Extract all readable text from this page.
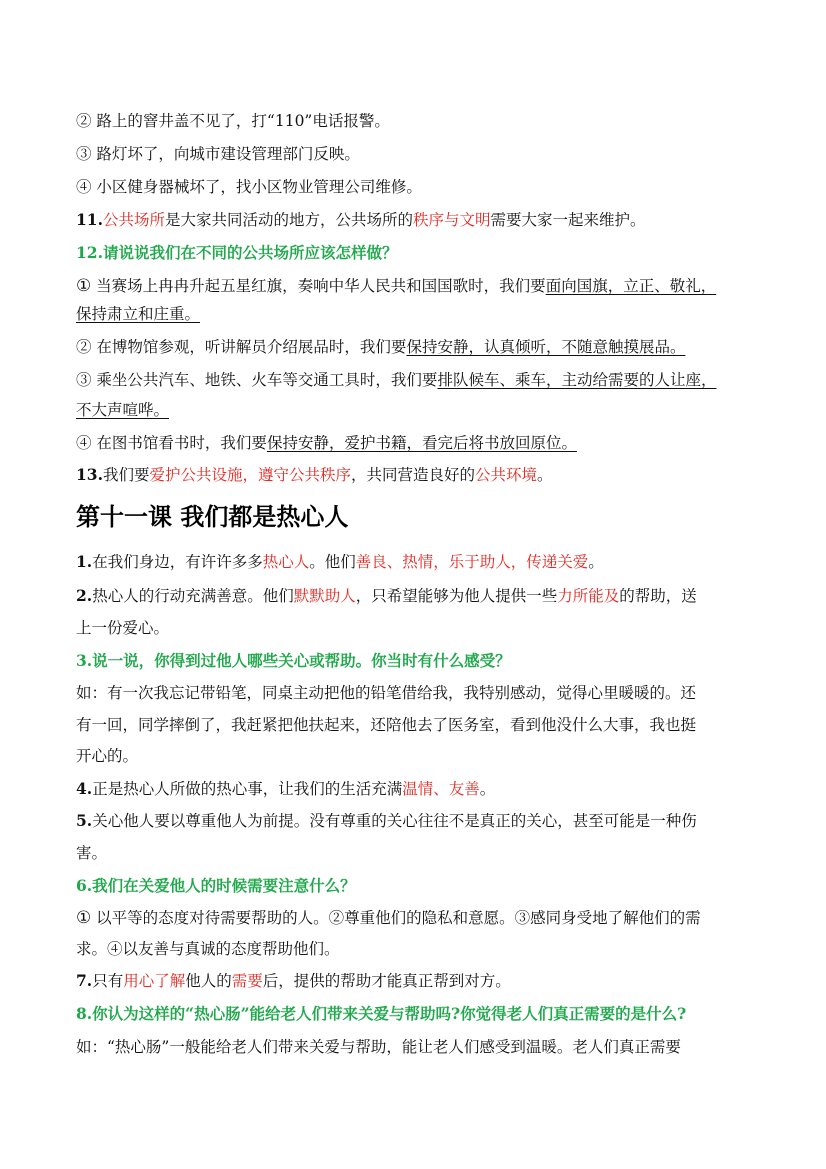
② 路上的窨井盖不见了，打“110”电话报警。
③ 路灯坏了，向城市建设管理部门反映。
④ 小区健身器械坏了，找小区物业管理公司维修。
11.公共场所是大家共同活动的地方，公共场所的秩序与文明需要大家一起来维护。
12.请说说我们在不同的公共场所应该怎样做？
① 当赛场上冉冉升起五星红旗，奏响中华人民共和国国歌时，我们要面向国旗，立正、敬礼，
保持肃立和庄重。
② 在博物馆参观，听讲解员介绍展品时，我们要保持安静，认真倾听，不随意触摸展品。
③ 乘坐公共汽车、地铁、火车等交通工具时，我们要排队候车、乘车，主动给需要的人让座，
不大声喧哗。
④ 在图书馆看书时，我们要保持安静，爱护书籍，看完后将书放回原位。
13.我们要爱护公共设施，遵守公共秩序，共同营造良好的公共环境。
第十一课 我们都是热心人
1.在我们身边，有许许多多热心人。他们善良、热情，乐于助人，传递关爱。
2.热心人的行动充满善意。他们默默助人，只希望能够为他人提供一些力所能及的帮助，送
上一份爱心。
3.说一说，你得到过他人哪些关心或帮助。你当时有什么感受？
如：有一次我忘记带铅笔，同桌主动把他的铅笔借给我，我特别感动，觉得心里暖暖的。还
有一回，同学摔倒了，我赶紧把他扶起来，还陪他去了医务室，看到他没什么大事，我也挺
开心的。
4.正是热心人所做的热心事，让我们的生活充满温情、友善。
5.关心他人要以尊重他人为前提。没有尊重的关心往往不是真正的关心，甚至可能是一种伤
害。
6.我们在关爱他人的时候需要注意什么？
① 以平等的态度对待需要帮助的人。②尊重他们的隐私和意愿。③感同身受地了解他们的需
求。④以友善与真诚的态度帮助他们。
7.只有用心了解他人的需要后，提供的帮助才能真正帮到对方。
8.你认为这样的“热心肠”能给老人们带来关爱与帮助吗?你觉得老人们真正需要的是什么?
如：“热心肠”一般能给老人们带来关爱与帮助，能让老人们感受到温暖。老人们真正需要
